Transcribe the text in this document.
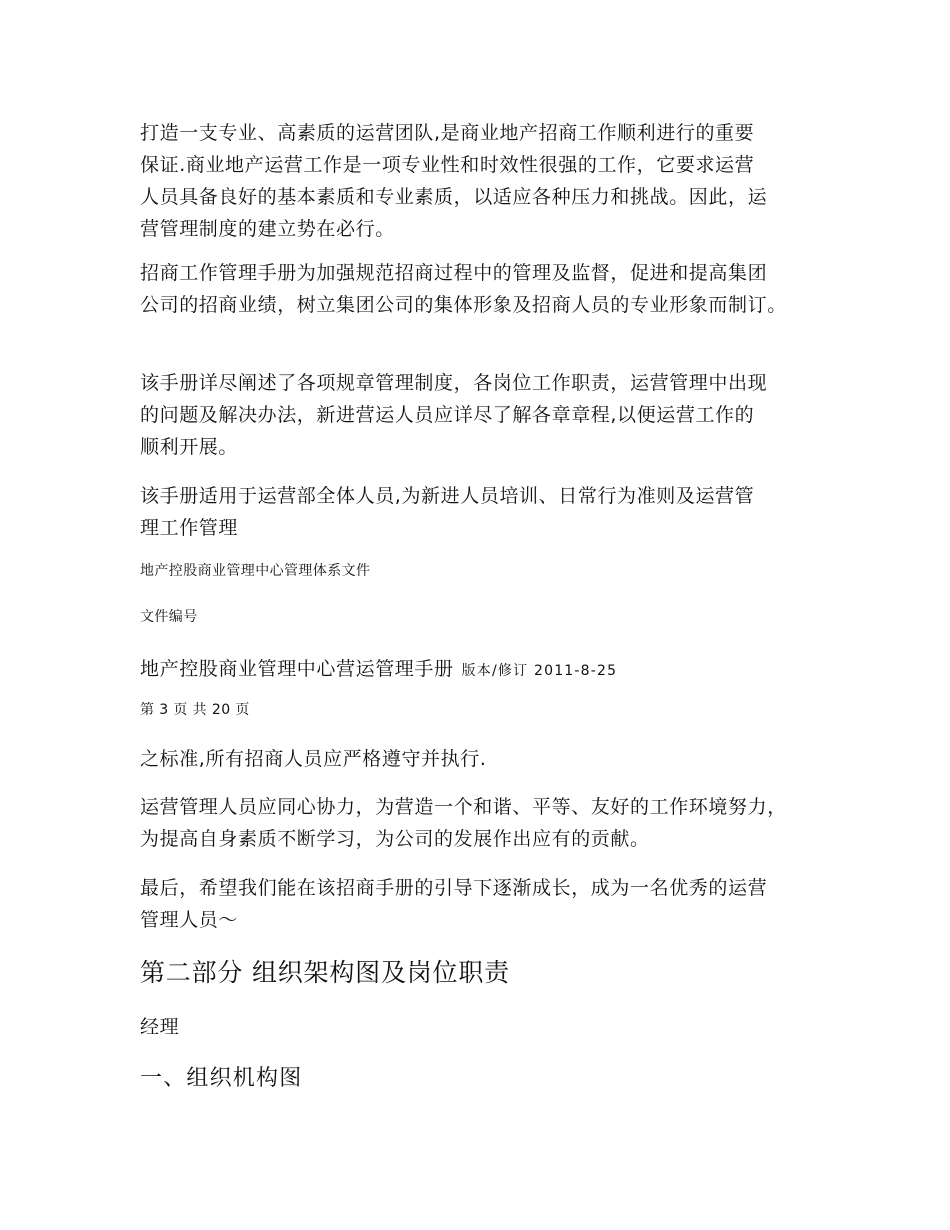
打造一支专业、高素质的运营团队,是商业地产招商工作顺利进行的重要
保证.商业地产运营工作是一项专业性和时效性很强的工作，它要求运营
人员具备良好的基本素质和专业素质，以适应各种压力和挑战。因此，运
营管理制度的建立势在必行。
招商工作管理手册为加强规范招商过程中的管理及监督，促进和提高集团
公司的招商业绩，树立集团公司的集体形象及招商人员的专业形象而制订。
该手册详尽阐述了各项规章管理制度，各岗位工作职责，运营管理中出现
的问题及解决办法，新进营运人员应详尽了解各章章程,以便运营工作的
顺利开展。
该手册适用于运营部全体人员,为新进人员培训、日常行为准则及运营管
理工作管理
地产控股商业管理中心管理体系文件
文件编号
地产控股商业管理中心营运管理手册 版本/修订 2011-8-25
第 3 页 共 20 页
之标准,所有招商人员应严格遵守并执行.
运营管理人员应同心协力，为营造一个和谐、平等、友好的工作环境努力，
为提高自身素质不断学习，为公司的发展作出应有的贡献。
最后，希望我们能在该招商手册的引导下逐渐成长，成为一名优秀的运营
管理人员～
第二部分 组织架构图及岗位职责
经理
一、组织机构图
